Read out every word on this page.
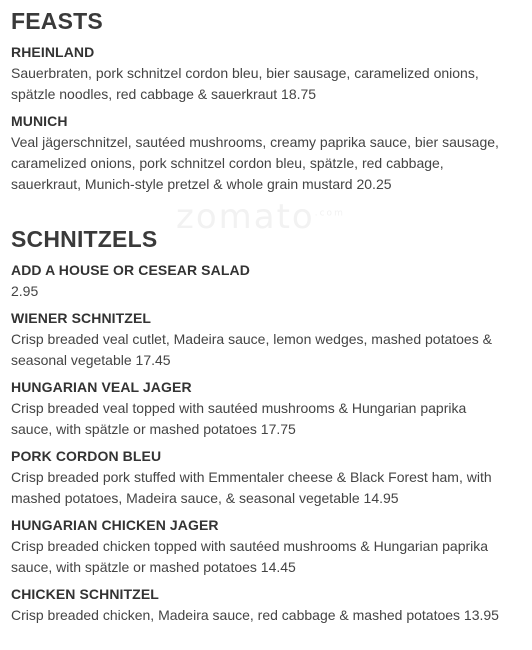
FEASTS
RHEINLAND
Sauerbraten, pork schnitzel cordon bleu, bier sausage, caramelized onions, spätzle noodles, red cabbage & sauerkraut 18.75
MUNICH
Veal jägerschnitzel, sautéed mushrooms, creamy paprika sauce, bier sausage, caramelized onions, pork schnitzel cordon bleu, spätzle, red cabbage, sauerkraut, Munich-style pretzel & whole grain mustard 20.25
SCHNITZELS
ADD A HOUSE OR CESEAR SALAD
2.95
WIENER SCHNITZEL
Crisp breaded veal cutlet, Madeira sauce, lemon wedges, mashed potatoes & seasonal vegetable 17.45
HUNGARIAN VEAL JAGER
Crisp breaded veal topped with sautéed mushrooms & Hungarian paprika sauce, with spätzle or mashed potatoes 17.75
PORK CORDON BLEU
Crisp breaded pork stuffed with Emmentaler cheese & Black Forest ham, with mashed potatoes, Madeira sauce, & seasonal vegetable 14.95
HUNGARIAN CHICKEN JAGER
Crisp breaded chicken topped with sautéed mushrooms & Hungarian paprika sauce, with spätzle or mashed potatoes 14.45
CHICKEN SCHNITZEL
Crisp breaded chicken, Madeira sauce, red cabbage & mashed potatoes 13.95
zomato$^{.com}$
